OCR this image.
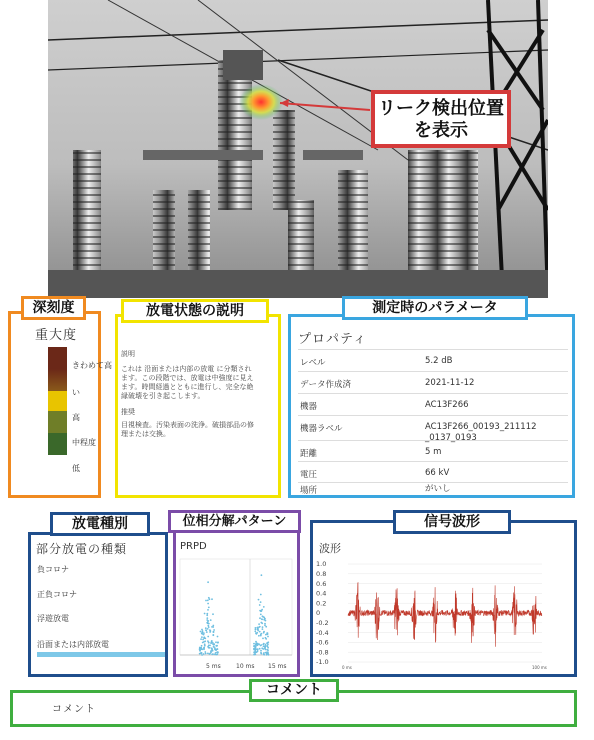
リーク検出位置
を表示
深刻度
重大度
きわめて高
い
高
中程度
低
放電状態の説明
説明
これは 沿面または内部の放電 に分類され
ます。この段階では、放電は中強度に見え
ます。時間経過とともに進行し、完全な絶
縁破壊を引き起こします。
推奨
目視検査。汚染表面の洗浄。破損部品の修
理または交換。
測定時のパラメータ
プロパティ
レベル	5.2 dB
データ作成済	2021-11-12
機器	AC13F266
機器ラベル	AC13F266_00193_211112
_0137_0193
距離	5 m
電圧	66 kV
場所	がいし
放電種別
部分放電の種類
負コロナ
正負コロナ
浮遊放電
沿面または内部放電
位相分解パターン
PRPD
5 ms	10 ms 15 ms
信号波形
波形
1.0
0.8
0.6
0.4
0.2
0
-0.2
-0.4
-0.6
-0.8
-1.0
0 ms	100 ms
コメント
コメント
